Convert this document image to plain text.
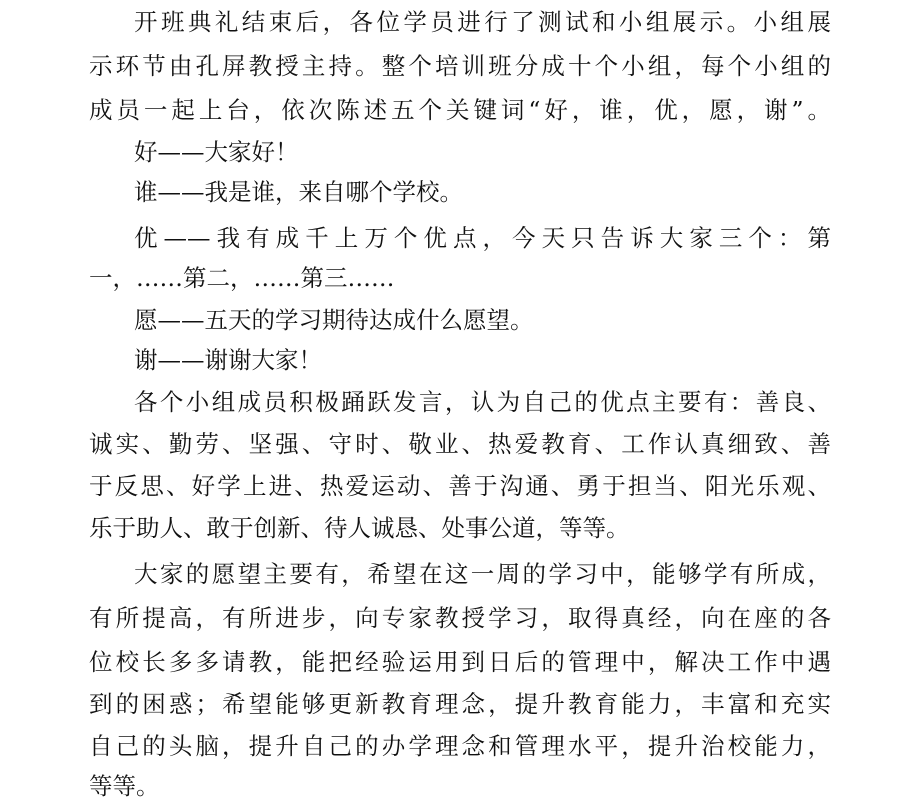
开班典礼结束后，各位学员进行了测试和小组展示。小组展
示环节由孔屏教授主持。整个培训班分成十个小组，每个小组的
成员一起上台，依次陈述五个关键词“好，谁，优，愿，谢”。
好——大家好！
谁——我是谁，来自哪个学校。
优——我有成千上万个优点，今天只告诉大家三个：第
一，……第二，……第三……
愿——五天的学习期待达成什么愿望。
谢——谢谢大家！
各个小组成员积极踊跃发言，认为自己的优点主要有：善良、
诚实、勤劳、坚强、守时、敬业、热爱教育、工作认真细致、善
于反思、好学上进、热爱运动、善于沟通、勇于担当、阳光乐观、
乐于助人、敢于创新、待人诚恳、处事公道，等等。
大家的愿望主要有，希望在这一周的学习中，能够学有所成，
有所提高，有所进步，向专家教授学习，取得真经，向在座的各
位校长多多请教，能把经验运用到日后的管理中，解决工作中遇
到的困惑；希望能够更新教育理念，提升教育能力，丰富和充实
自己的头脑，提升自己的办学理念和管理水平，提升治校能力，
等等。
